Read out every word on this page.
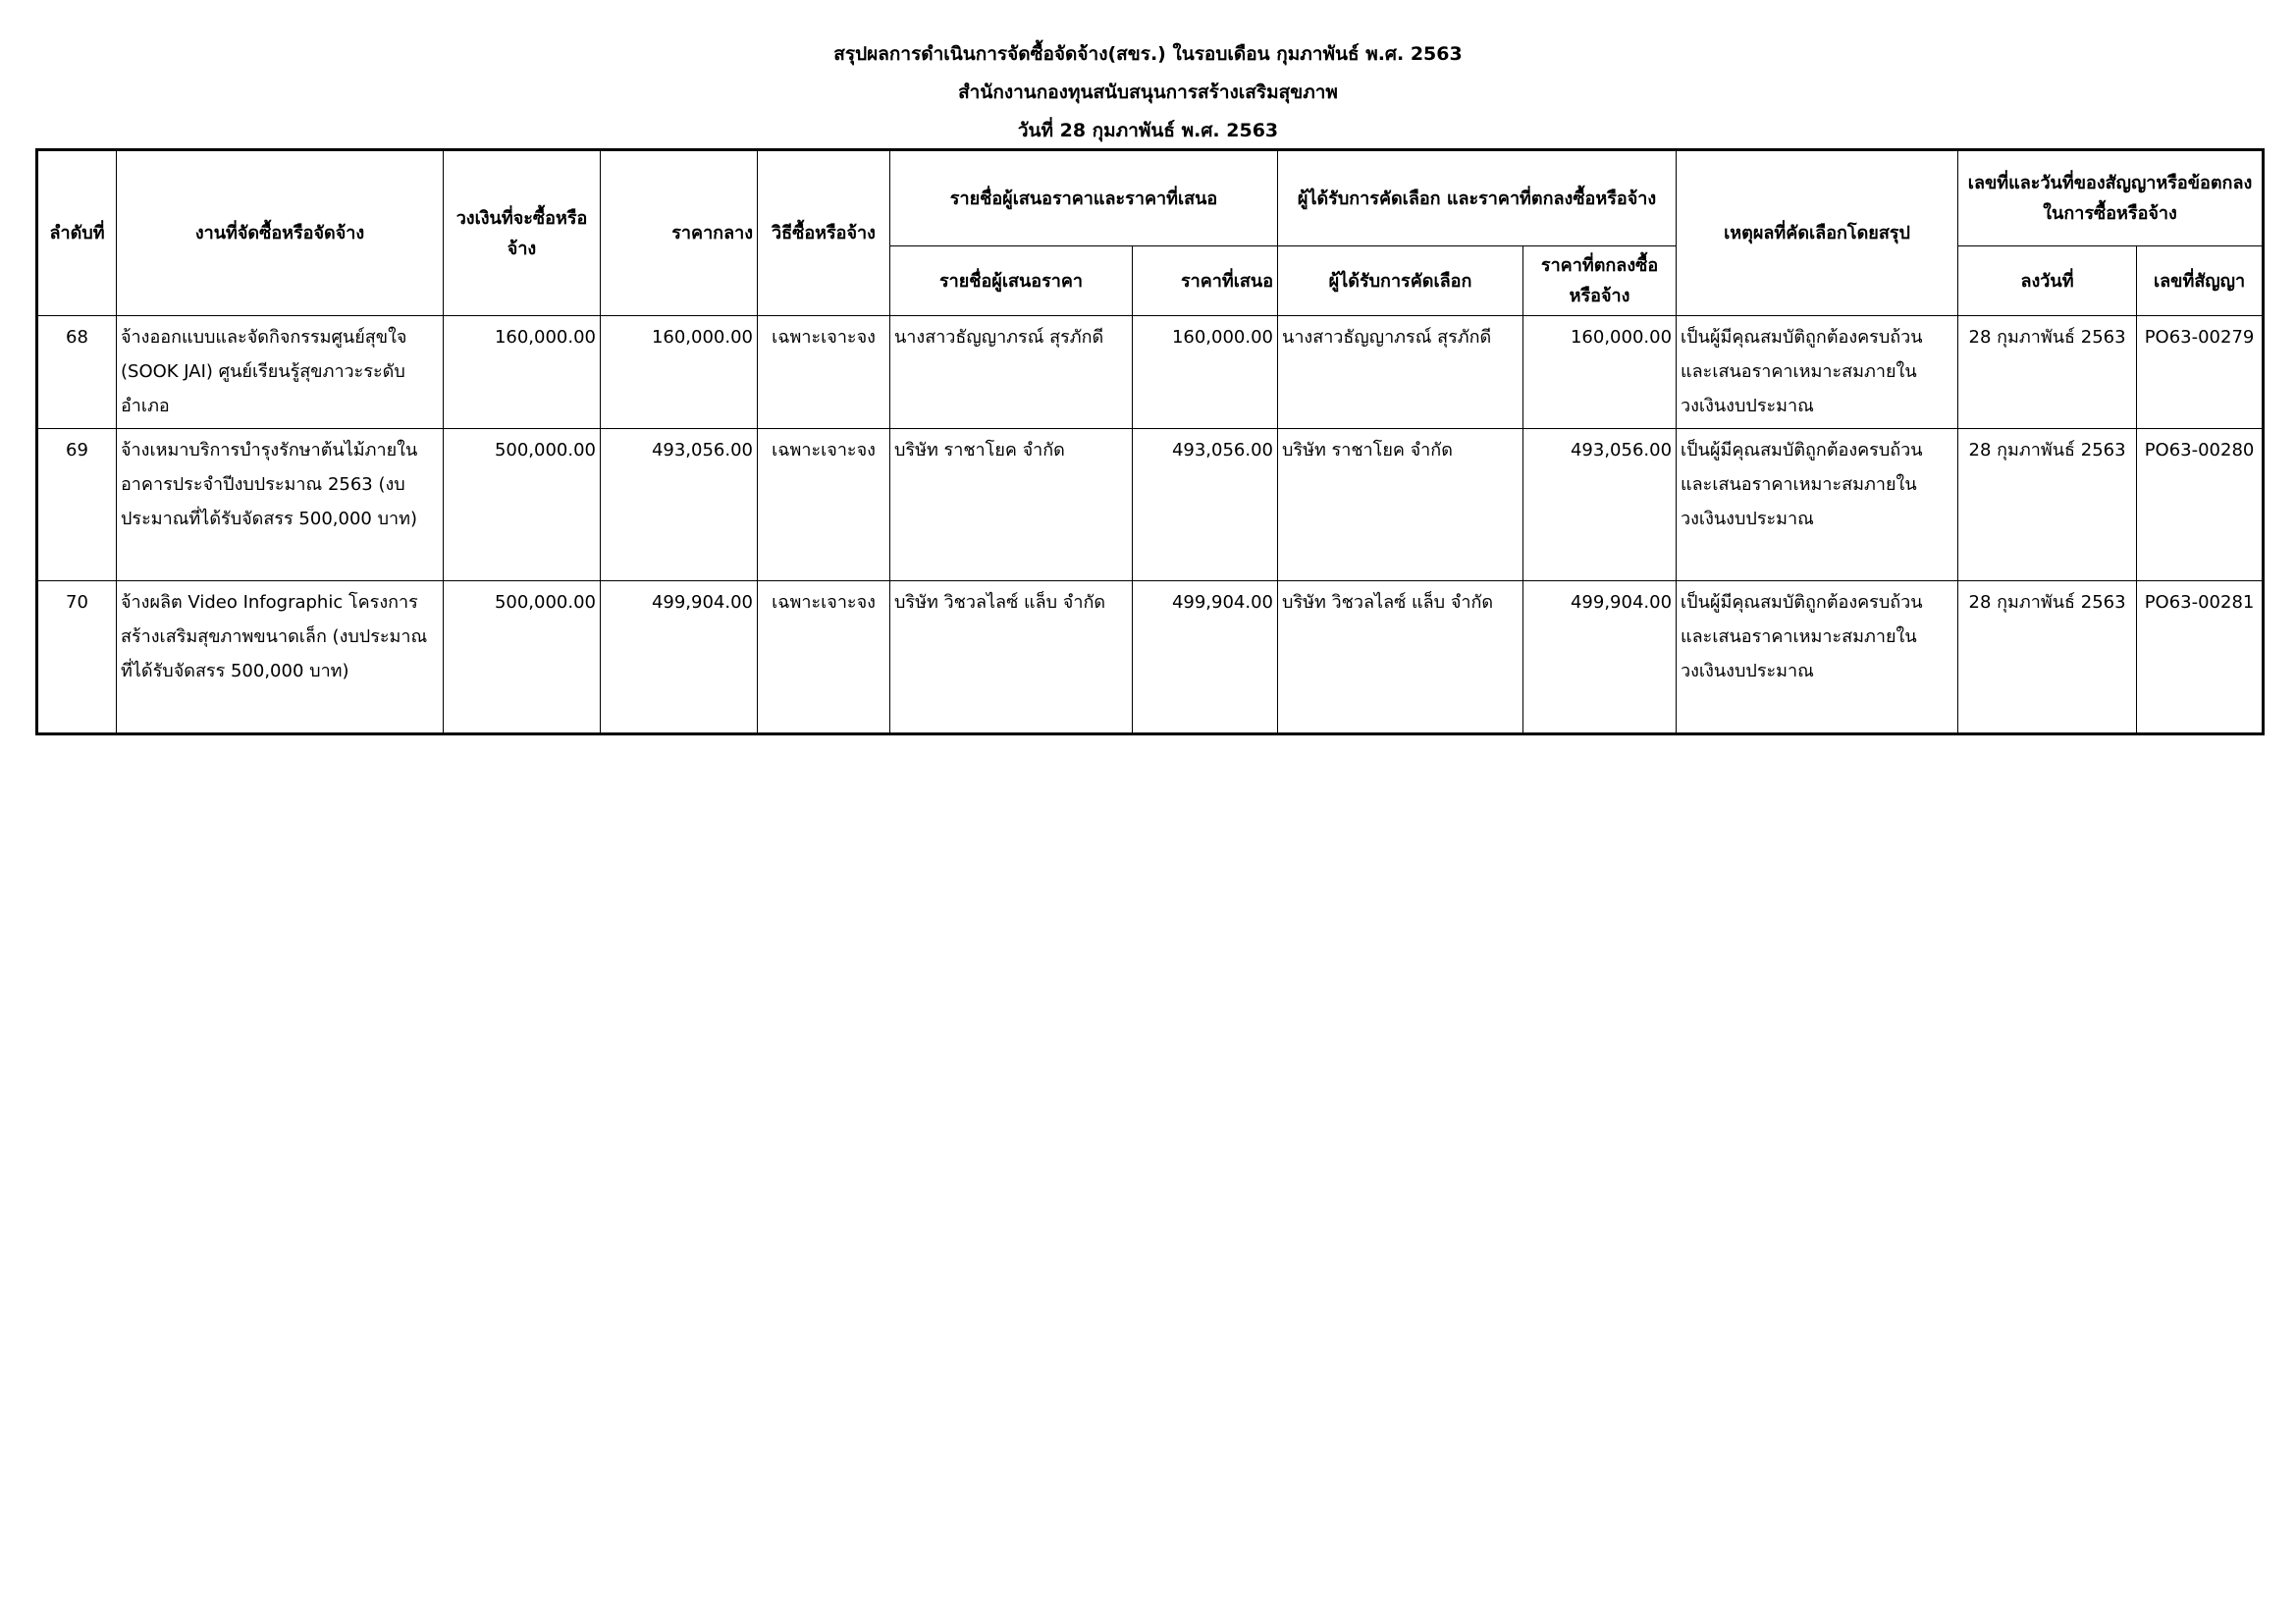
สรุปผลการดำเนินการจัดซื้อจัดจ้าง(สขร.) ในรอบเดือน กุมภาพันธ์ พ.ศ. 2563
สำนักงานกองทุนสนับสนุนการสร้างเสริมสุขภาพ
วันที่ 28 กุมภาพันธ์ พ.ศ. 2563
ลำดับที่	งานที่จัดซื้อหรือจัดจ้าง	วงเงินที่จะซื้อหรือจ้าง	ราคากลาง	วิธีซื้อหรือจ้าง	รายชื่อผู้เสนอราคาและราคาที่เสนอ		ผู้ได้รับการคัดเลือก และราคาที่ตกลงซื้อหรือจ้าง		เหตุผลที่คัดเลือกโดยสรุป	เลขที่และวันที่ของสัญญาหรือข้อตกลงในการซื้อหรือจ้าง	
					รายชื่อผู้เสนอราคา	ราคาที่เสนอ	ผู้ได้รับการคัดเลือก	ราคาที่ตกลงซื้อหรือจ้าง		ลงวันที่	เลขที่สัญญา
68	จ้างออกแบบและจัดกิจกรรมศูนย์สุขใจ (SOOK JAI) ศูนย์เรียนรู้สุขภาวะระดับอำเภอ	160,000.00	160,000.00	เฉพาะเจาะจง	นางสาวธัญญาภรณ์ สุรภักดี	160,000.00	นางสาวธัญญาภรณ์ สุรภักดี	160,000.00	เป็นผู้มีคุณสมบัติถูกต้องครบถ้วนและเสนอราคาเหมาะสมภายในวงเงินงบประมาณ	28 กุมภาพันธ์ 2563	PO63-00279
69	จ้างเหมาบริการบำรุงรักษาต้นไม้ภายในอาคารประจำปีงบประมาณ 2563 (งบประมาณที่ได้รับจัดสรร 500,000 บาท)	500,000.00	493,056.00	เฉพาะเจาะจง	บริษัท ราชาโยค จำกัด	493,056.00	บริษัท ราชาโยค จำกัด	493,056.00	เป็นผู้มีคุณสมบัติถูกต้องครบถ้วนและเสนอราคาเหมาะสมภายในวงเงินงบประมาณ	28 กุมภาพันธ์ 2563	PO63-00280
70	จ้างผลิต Video Infographic โครงการสร้างเสริมสุขภาพขนาดเล็ก (งบประมาณที่ได้รับจัดสรร 500,000 บาท)	500,000.00	499,904.00	เฉพาะเจาะจง	บริษัท วิชวลไลซ์ แล็บ จำกัด	499,904.00	บริษัท วิชวลไลซ์ แล็บ จำกัด	499,904.00	เป็นผู้มีคุณสมบัติถูกต้องครบถ้วนและเสนอราคาเหมาะสมภายในวงเงินงบประมาณ	28 กุมภาพันธ์ 2563	PO63-00281
